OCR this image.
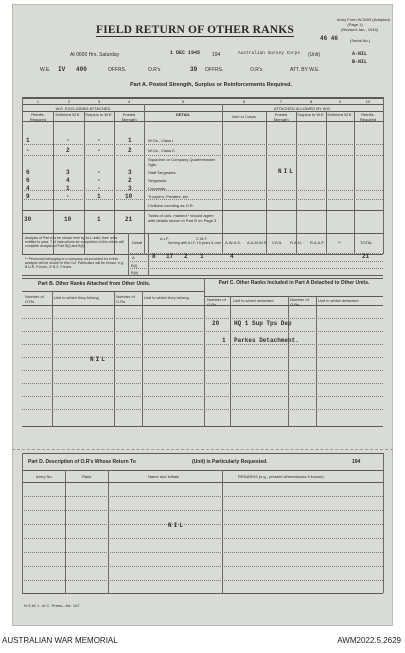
Army Form W.3009 (Adapted)
(Page 1)
(Revised Jan., 1943)
FIELD RETURN OF OTHER RANKS
46 46	(Serial No.)
At 0600 Hrs. Saturday	1 DEC 1945 194	Australian Survey Corps (Unit)	A-NIL
B-NIL
W.E. IV 400	OFFRS.	O.R's	39 OFFRS.	O.R's	ATT. BY W.E.
Part A. Posted Strength, Surplus or Reinforcements Required.
1	2	3	4	5	6	7	8	9	10
W.E. EXCLUDING ATTACHED
DETAIL
ATTACHED ALLOWED BY W.E.
Reinfts. Required
Deficient W.E.	Surplus to W.E.	Posted Strength
Arm or Corps	Posted Strength
Surplus to W.E. Deficient W.E.	Reinfts. Required
1	-	-	1	W.Os., Class I.
-	2	-	2	W.Os., Class II.
Squadron or Company Quartermaster Sgts.
6	3	-	3	Staff Sergeants.
6	4	-	2	Sergeants.
4	1	-	3	Corporals.
9	-	1	10	Troopers, Privates, etc.
Civilians counting as O.R.
30	10	1	21
Totals of cols. marked * should agree with details shown in Part B on Page 3.
NIL
Analysis of Part A to be shown here by ALL units; their units entitled to para. 7 of instructions for completion of this return will complete analysis of Part B(i) and B(ii).
** Personnel belonging to a company not provided for in this analysis will be shown in this Col. Particulars will be shown, e.g., B.U.R. Forces, 2/ N.Z. Forces.
Detail
A.I.F.	C.M.F.
A.W.A.S. A.A.M.W.S. CIVIL R.A.N. R.A.A.F.	**	TOTAL
Serving with A.I.F. 19 years & over
A
B(i)
B(ii)
8 17 2 1	4	21
Part B. Other Ranks Attached from Other Units.	Part C. Other Ranks Included in Part A Detached to Other Units.
Number of O.Rs.
Unit to which they belong	Number of O.Rs.
Unit to which they belong	Number of O.Rs.
Unit to which detached	Number of O.Rs.
Unit to which detached
NIL
20 HQ 1 Sup Tps Dep
1 Parkes Detachment.
Part D. Description of O.R's Whose Return To	(Unit) is Particularly Requested.	194
Army No.	Rank	Name and Initials	REMARKS (e.g., present whereabouts if known).
NIL
N.S.W. L. of C. Press—Nc. 107.
AUSTRALIAN WAR MEMORIAL	AWM2022.5.2629
